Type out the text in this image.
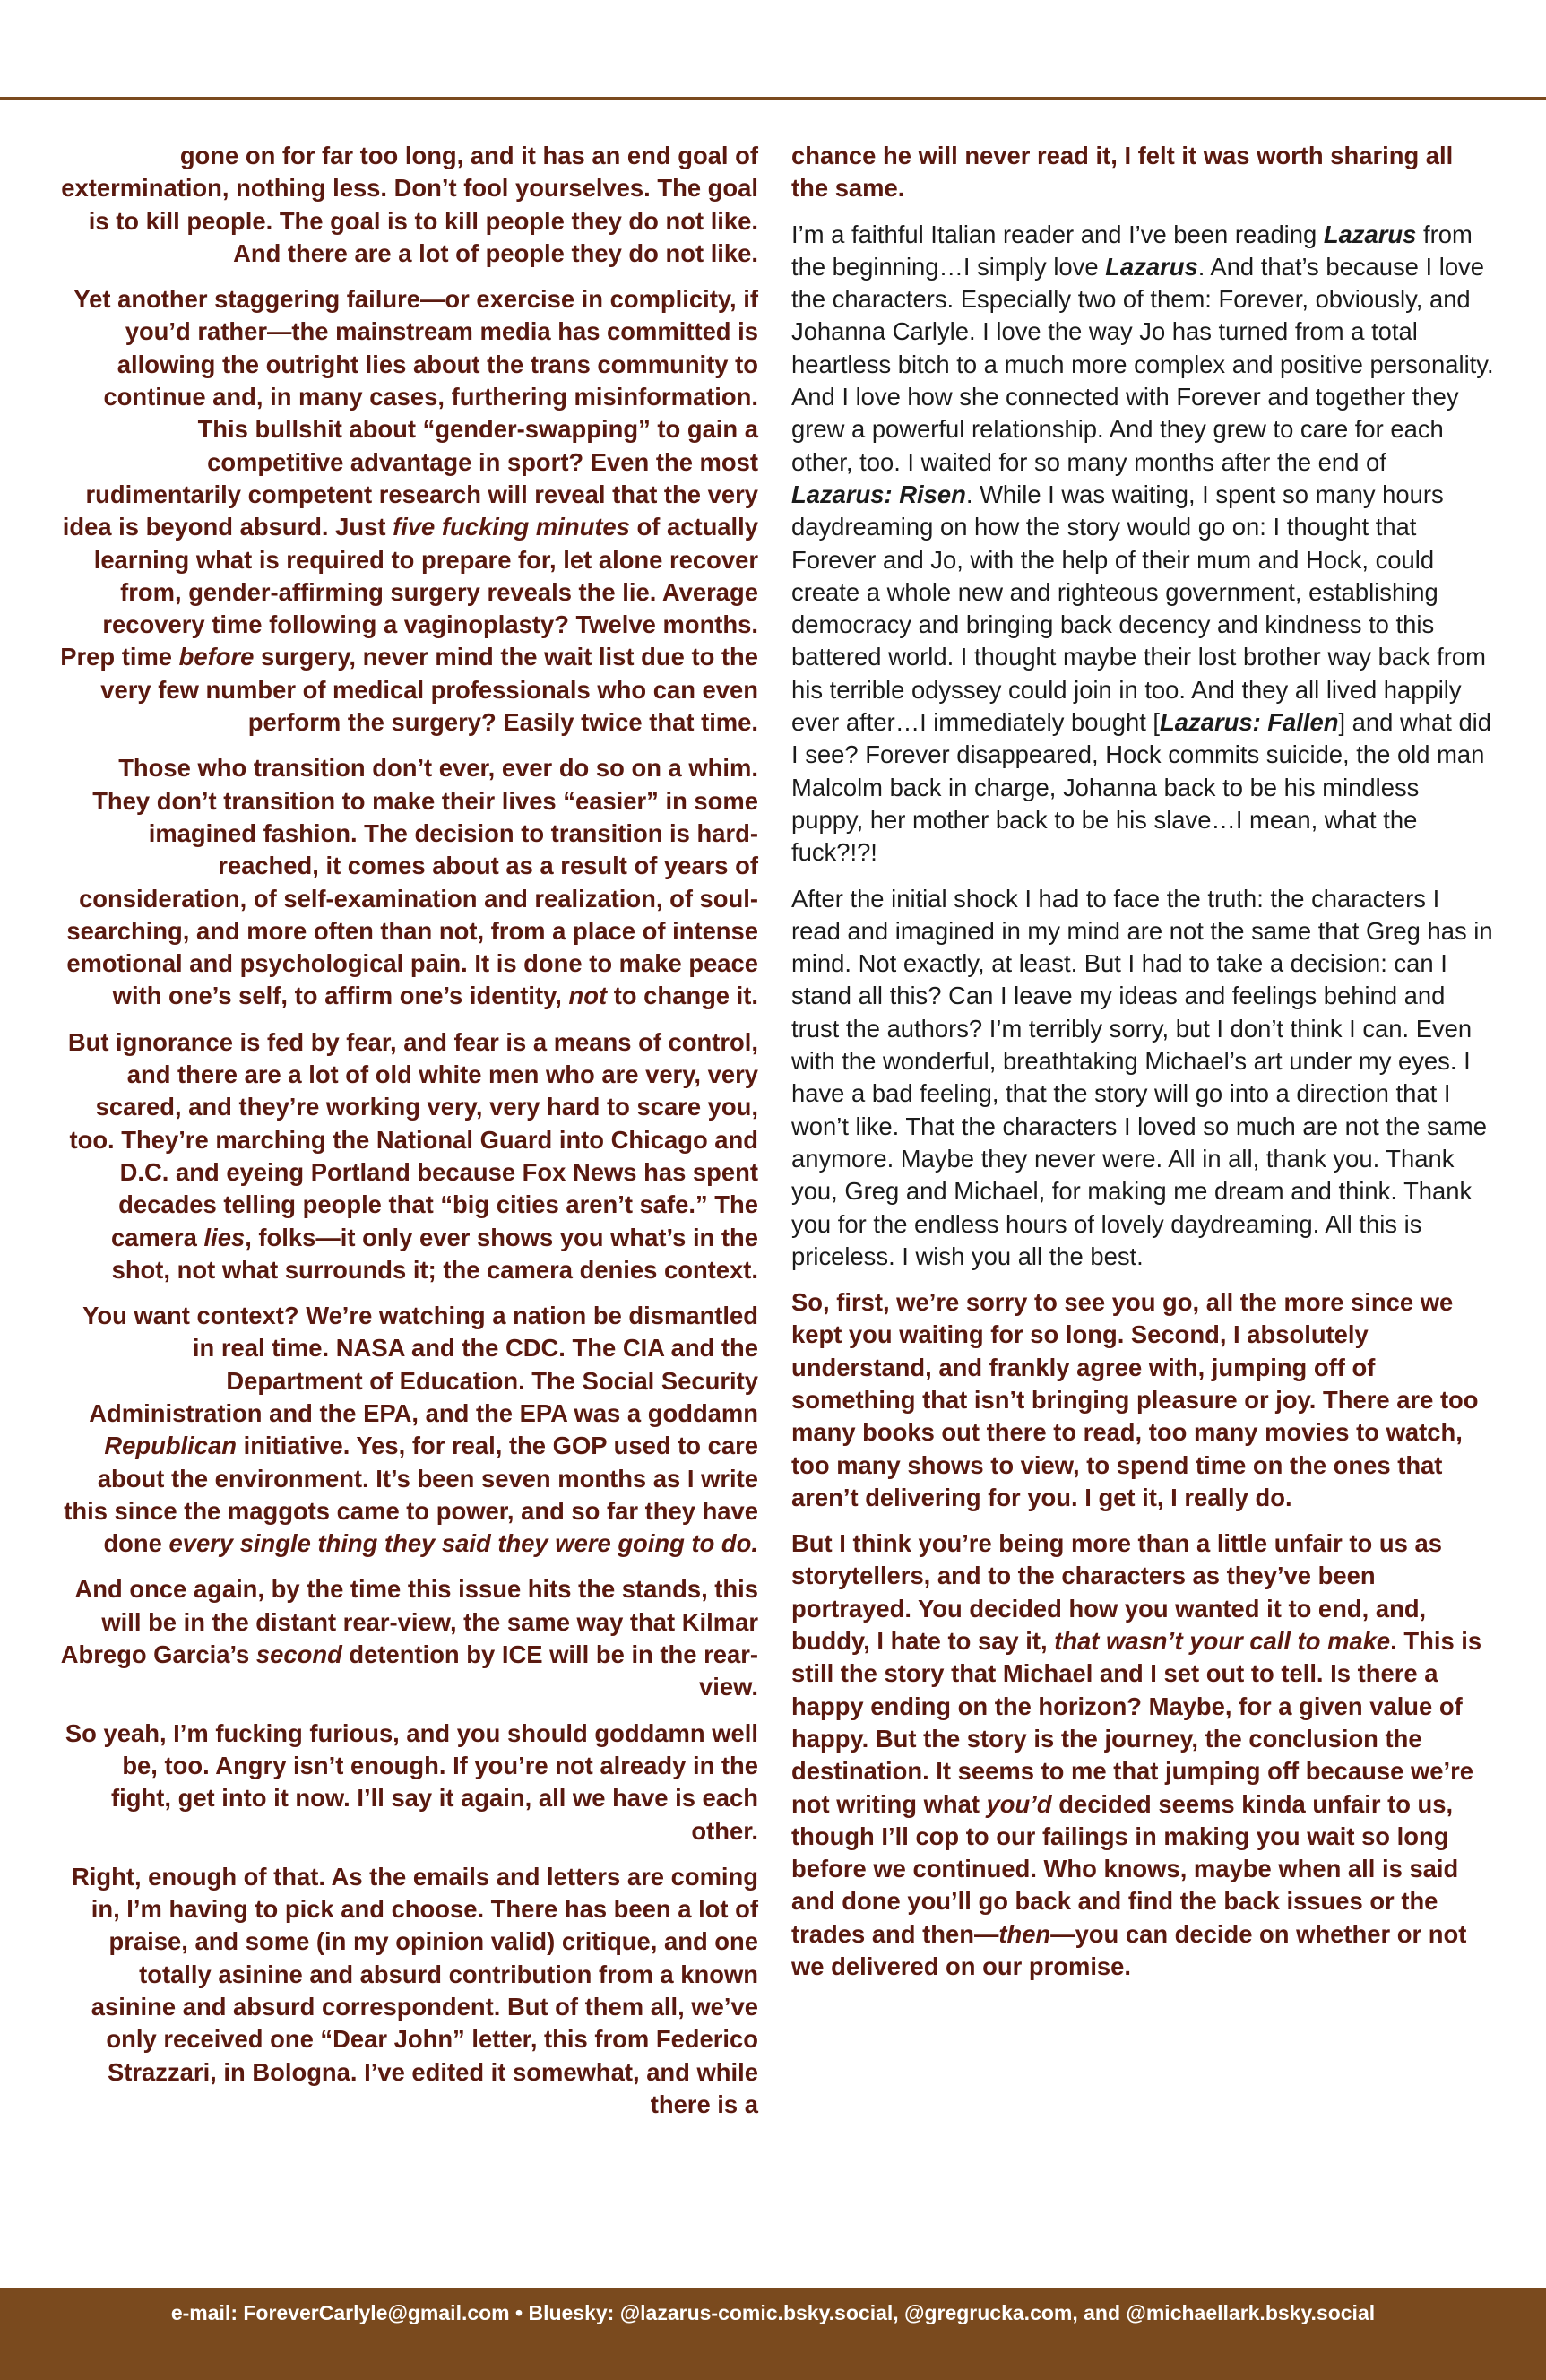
gone on for far too long, and it has an end goal of extermination, nothing less. Don’t fool yourselves. The goal is to kill people. The goal is to kill people they do not like. And there are a lot of people they do not like.

Yet another staggering failure—or exercise in complicity, if you’d rather—the mainstream media has committed is allowing the outright lies about the trans community to continue and, in many cases, furthering misinformation. This bullshit about “gender-swapping” to gain a competitive advantage in sport? Even the most rudimentarily competent research will reveal that the very idea is beyond absurd. Just five fucking minutes of actually learning what is required to prepare for, let alone recover from, gender-affirming surgery reveals the lie. Average recovery time following a vaginoplasty? Twelve months. Prep time before surgery, never mind the wait list due to the very few number of medical professionals who can even perform the surgery? Easily twice that time.

Those who transition don’t ever, ever do so on a whim. They don’t transition to make their lives “easier” in some imagined fashion. The decision to transition is hard-reached, it comes about as a result of years of consideration, of self-examination and realization, of soul-searching, and more often than not, from a place of intense emotional and psychological pain. It is done to make peace with one’s self, to affirm one’s identity, not to change it.

But ignorance is fed by fear, and fear is a means of control, and there are a lot of old white men who are very, very scared, and they’re working very, very hard to scare you, too. They’re marching the National Guard into Chicago and D.C. and eyeing Portland because Fox News has spent decades telling people that “big cities aren’t safe.” The camera lies, folks—it only ever shows you what’s in the shot, not what surrounds it; the camera denies context.

You want context? We’re watching a nation be dismantled in real time. NASA and the CDC. The CIA and the Department of Education. The Social Security Administration and the EPA, and the EPA was a goddamn Republican initiative. Yes, for real, the GOP used to care about the environment. It’s been seven months as I write this since the maggots came to power, and so far they have done every single thing they said they were going to do.

And once again, by the time this issue hits the stands, this will be in the distant rear-view, the same way that Kilmar Abrego Garcia’s second detention by ICE will be in the rear-view.

So yeah, I’m fucking furious, and you should goddamn well be, too. Angry isn’t enough. If you’re not already in the fight, get into it now. I’ll say it again, all we have is each other.

Right, enough of that. As the emails and letters are coming in, I’m having to pick and choose. There has been a lot of praise, and some (in my opinion valid) critique, and one totally asinine and absurd contribution from a known asinine and absurd correspondent. But of them all, we’ve only received one “Dear John” letter, this from Federico Strazzari, in Bologna. I’ve edited it somewhat, and while there is a

chance he will never read it, I felt it was worth sharing all the same.

I’m a faithful Italian reader and I’ve been reading Lazarus from the beginning…I simply love Lazarus. And that’s because I love the characters. Especially two of them: Forever, obviously, and Johanna Carlyle. I love the way Jo has turned from a total heartless bitch to a much more complex and positive personality. And I love how she connected with Forever and together they grew a powerful relationship. And they grew to care for each other, too. I waited for so many months after the end of Lazarus: Risen. While I was waiting, I spent so many hours daydreaming on how the story would go on: I thought that Forever and Jo, with the help of their mum and Hock, could create a whole new and righteous government, establishing democracy and bringing back decency and kindness to this battered world. I thought maybe their lost brother way back from his terrible odyssey could join in too. And they all lived happily ever after…I immediately bought [Lazarus: Fallen] and what did I see? Forever disappeared, Hock commits suicide, the old man Malcolm back in charge, Johanna back to be his mindless puppy, her mother back to be his slave…I mean, what the fuck?!?!

After the initial shock I had to face the truth: the characters I read and imagined in my mind are not the same that Greg has in mind. Not exactly, at least. But I had to take a decision: can I stand all this? Can I leave my ideas and feelings behind and trust the authors? I’m terribly sorry, but I don’t think I can. Even with the wonderful, breathtaking Michael’s art under my eyes. I have a bad feeling, that the story will go into a direction that I won’t like. That the characters I loved so much are not the same anymore. Maybe they never were. All in all, thank you. Thank you, Greg and Michael, for making me dream and think. Thank you for the endless hours of lovely daydreaming. All this is priceless. I wish you all the best.

So, first, we’re sorry to see you go, all the more since we kept you waiting for so long. Second, I absolutely understand, and frankly agree with, jumping off of something that isn’t bringing pleasure or joy. There are too many books out there to read, too many movies to watch, too many shows to view, to spend time on the ones that aren’t delivering for you. I get it, I really do.

But I think you’re being more than a little unfair to us as storytellers, and to the characters as they’ve been portrayed. You decided how you wanted it to end, and, buddy, I hate to say it, that wasn’t your call to make. This is still the story that Michael and I set out to tell. Is there a happy ending on the horizon? Maybe, for a given value of happy. But the story is the journey, the conclusion the destination. It seems to me that jumping off because we’re not writing what you’d decided seems kinda unfair to us, though I’ll cop to our failings in making you wait so long before we continued. Who knows, maybe when all is said and done you’ll go back and find the back issues or the trades and then—then—you can decide on whether or not we delivered on our promise.

e-mail: ForeverCarlyle@gmail.com • Bluesky: @lazarus-comic.bsky.social, @gregrucka.com, and @michaellark.bsky.social
